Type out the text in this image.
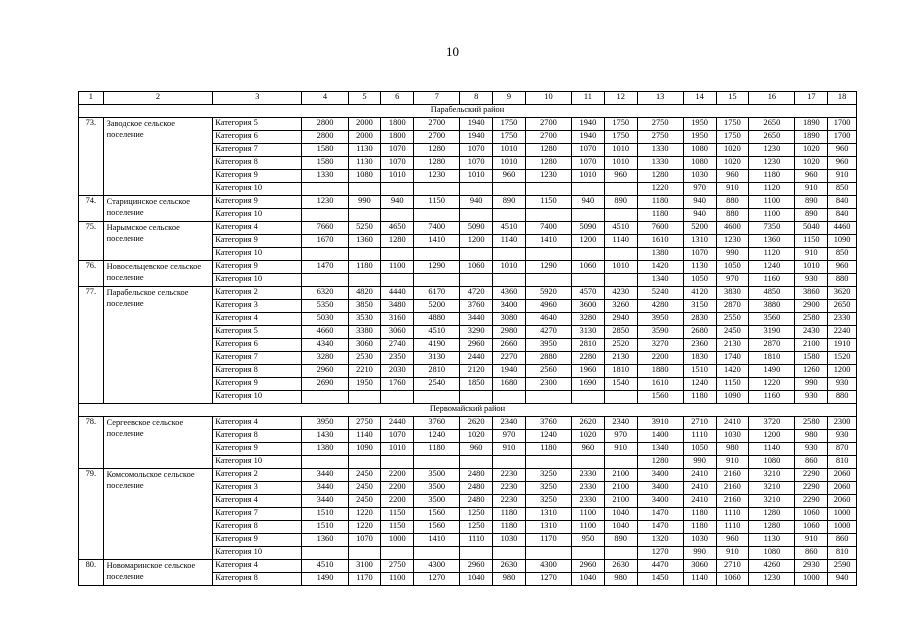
10
1	2	3	4	5	6	7	8	9	10	11	12	13	14	15	16	17	18
Парабельский район																	
73.	Заводское сельское поселение	Категория 5	2800	2000	1800	2700	1940	1750	2700	1940	1750	2750	1950	1750	2650	1890	1700
		Категория 6	2800	2000	1800	2700	1940	1750	2700	1940	1750	2750	1950	1750	2650	1890	1700
		Категория 7	1580	1130	1070	1280	1070	1010	1280	1070	1010	1330	1080	1020	1230	1020	960
		Категория 8	1580	1130	1070	1280	1070	1010	1280	1070	1010	1330	1080	1020	1230	1020	960
		Категория 9	1330	1080	1010	1230	1010	960	1230	1010	960	1280	1030	960	1180	960	910
		Категория 10										1220	970	910	1120	910	850
74.	Старицинское сельское поселение	Категория 9	1230	990	940	1150	940	890	1150	940	890	1180	940	880	1100	890	840
		Категория 10										1180	940	880	1100	890	840
75.	Нарымское сельское поселение	Категория 4	7660	5250	4650	7400	5090	4510	7400	5090	4510	7600	5200	4600	7350	5040	4460
		Категория 9	1670	1360	1280	1410	1200	1140	1410	1200	1140	1610	1310	1230	1360	1150	1090
		Категория 10										1380	1070	990	1120	910	850
76.	Новосельцевское сельское поселение	Категория 9	1470	1180	1100	1290	1060	1010	1290	1060	1010	1420	1130	1050	1240	1010	960
		Категория 10										1340	1050	970	1160	930	880
77.	Парабельское сельское поселение	Категория 2	6320	4820	4440	6170	4720	4360	5920	4570	4230	5240	4120	3830	4850	3860	3620
		Категория 3	5350	3850	3480	5200	3760	3400	4960	3600	3260	4280	3150	2870	3880	2900	2650
		Категория 4	5030	3530	3160	4880	3440	3080	4640	3280	2940	3950	2830	2550	3560	2580	2330
		Категория 5	4660	3380	3060	4510	3290	2980	4270	3130	2850	3590	2680	2450	3190	2430	2240
		Категория 6	4340	3060	2740	4190	2960	2660	3950	2810	2520	3270	2360	2130	2870	2100	1910
		Категория 7	3280	2530	2350	3130	2440	2270	2880	2280	2130	2200	1830	1740	1810	1580	1520
		Категория 8	2960	2210	2030	2810	2120	1940	2560	1960	1810	1880	1510	1420	1490	1260	1200
		Категория 9	2690	1950	1760	2540	1850	1680	2300	1690	1540	1610	1240	1150	1220	990	930
		Категория 10										1560	1180	1090	1160	930	880
Первомайский район																	
78.	Сергеевское сельское поселение	Категория 4	3950	2750	2440	3760	2620	2340	3760	2620	2340	3910	2710	2410	3720	2580	2300
		Категория 8	1430	1140	1070	1240	1020	970	1240	1020	970	1400	1110	1030	1200	980	930
		Категория 9	1380	1090	1010	1180	960	910	1180	960	910	1340	1050	980	1140	930	870
		Категория 10										1280	990	910	1080	860	810
79.	Комсомольское сельское поселение	Категория 2	3440	2450	2200	3500	2480	2230	3250	2330	2100	3400	2410	2160	3210	2290	2060
		Категория 3	3440	2450	2200	3500	2480	2230	3250	2330	2100	3400	2410	2160	3210	2290	2060
		Категория 4	3440	2450	2200	3500	2480	2230	3250	2330	2100	3400	2410	2160	3210	2290	2060
		Категория 7	1510	1220	1150	1560	1250	1180	1310	1100	1040	1470	1180	1110	1280	1060	1000
		Категория 8	1510	1220	1150	1560	1250	1180	1310	1100	1040	1470	1180	1110	1280	1060	1000
		Категория 9	1360	1070	1000	1410	1110	1030	1170	950	890	1320	1030	960	1130	910	860
		Категория 10										1270	990	910	1080	860	810
80.	Новомаринское сельское поселение	Категория 4	4510	3100	2750	4300	2960	2630	4300	2960	2630	4470	3060	2710	4260	2930	2590
		Категория 8	1490	1170	1100	1270	1040	980	1270	1040	980	1450	1140	1060	1230	1000	940
